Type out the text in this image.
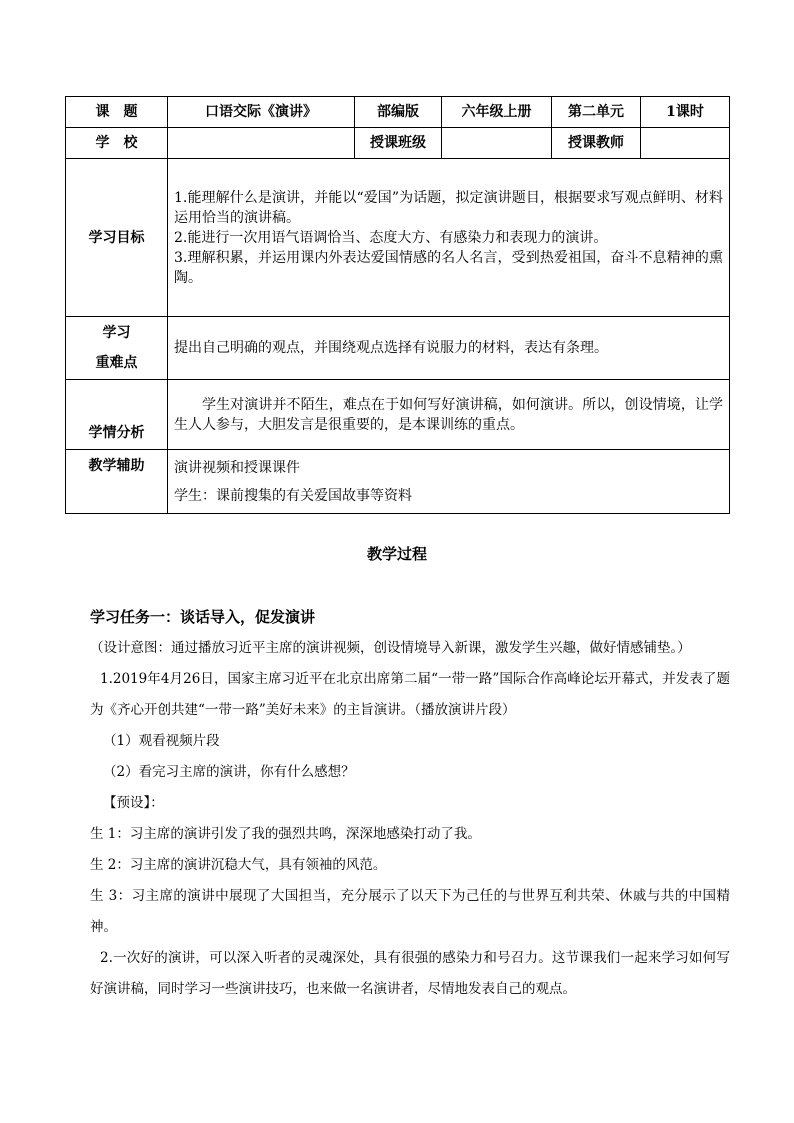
课　题	口语交际《演讲》	部编版	六年级上册	第二单元	1课时
学　校		授课班级		授课教师	
学习目标	1.能理解什么是演讲，并能以“爱国”为话题，拟定演讲题目，根据要求写观点鲜明、材料运用恰当的演讲稿。

2.能进行一次用语气语调恰当、态度大方、有感染力和表现力的演讲。

3.理解积累，并运用课内外表达爱国情感的名人名言，受到热爱祖国，奋斗不息精神的熏陶。				

学习
重难点	提出自己明确的观点，并围绕观点选择有说服力的材料，表达有条理。				
学情分析	学生对演讲并不陌生，难点在于如何写好演讲稿，如何演讲。所以，创设情境，让学生人人参与，大胆发言是很重要的，是本课训练的重点。				
教学辅助	演讲视频和授课课件

学生：课前搜集的有关爱国故事等资料				

教学过程

学习任务一：谈话导入，促发演讲

（设计意图：通过播放习近平主席的演讲视频，创设情境导入新课，激发学生兴趣，做好情感铺垫。）

1.2019年4月26日，国家主席习近平在北京出席第二届“一带一路”国际合作高峰论坛开幕式，并发表了题为《齐心开创共建“一带一路”美好未来》的主旨演讲。（播放演讲片段）

（1）观看视频片段

（2）看完习主席的演讲，你有什么感想？

【预设】：

生 1：习主席的演讲引发了我的强烈共鸣，深深地感染打动了我。

生 2：习主席的演讲沉稳大气，具有领袖的风范。

生 3：习主席的演讲中展现了大国担当，充分展示了以天下为己任的与世界互利共荣、休戚与共的中国精神。

2.一次好的演讲，可以深入听者的灵魂深处，具有很强的感染力和号召力。这节课我们一起来学习如何写好演讲稿，同时学习一些演讲技巧，也来做一名演讲者，尽情地发表自己的观点。
